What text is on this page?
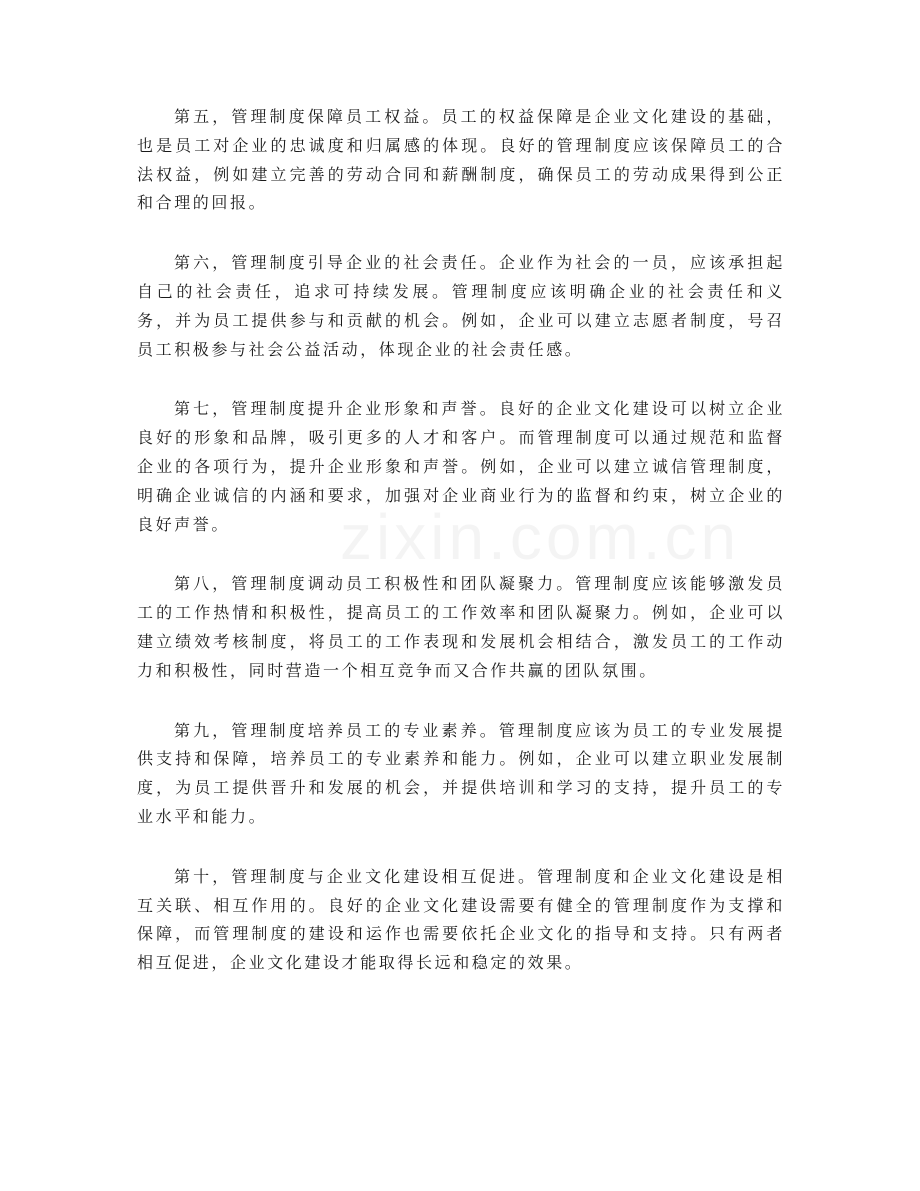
第五，管理制度保障员工权益。员工的权益保障是企业文化建设的基础，也是员工对企业的忠诚度和归属感的体现。良好的管理制度应该保障员工的合法权益，例如建立完善的劳动合同和薪酬制度，确保员工的劳动成果得到公正和合理的回报。

第六，管理制度引导企业的社会责任。企业作为社会的一员，应该承担起自己的社会责任，追求可持续发展。管理制度应该明确企业的社会责任和义务，并为员工提供参与和贡献的机会。例如，企业可以建立志愿者制度，号召员工积极参与社会公益活动，体现企业的社会责任感。

第七，管理制度提升企业形象和声誉。良好的企业文化建设可以树立企业良好的形象和品牌，吸引更多的人才和客户。而管理制度可以通过规范和监督企业的各项行为，提升企业形象和声誉。例如，企业可以建立诚信管理制度，明确企业诚信的内涵和要求，加强对企业商业行为的监督和约束，树立企业的良好声誉。

第八，管理制度调动员工积极性和团队凝聚力。管理制度应该能够激发员工的工作热情和积极性，提高员工的工作效率和团队凝聚力。例如，企业可以建立绩效考核制度，将员工的工作表现和发展机会相结合，激发员工的工作动力和积极性，同时营造一个相互竞争而又合作共赢的团队氛围。

第九，管理制度培养员工的专业素养。管理制度应该为员工的专业发展提供支持和保障，培养员工的专业素养和能力。例如，企业可以建立职业发展制度，为员工提供晋升和发展的机会，并提供培训和学习的支持，提升员工的专业水平和能力。

第十，管理制度与企业文化建设相互促进。管理制度和企业文化建设是相互关联、相互作用的。良好的企业文化建设需要有健全的管理制度作为支撑和保障，而管理制度的建设和运作也需要依托企业文化的指导和支持。只有两者相互促进，企业文化建设才能取得长远和稳定的效果。
